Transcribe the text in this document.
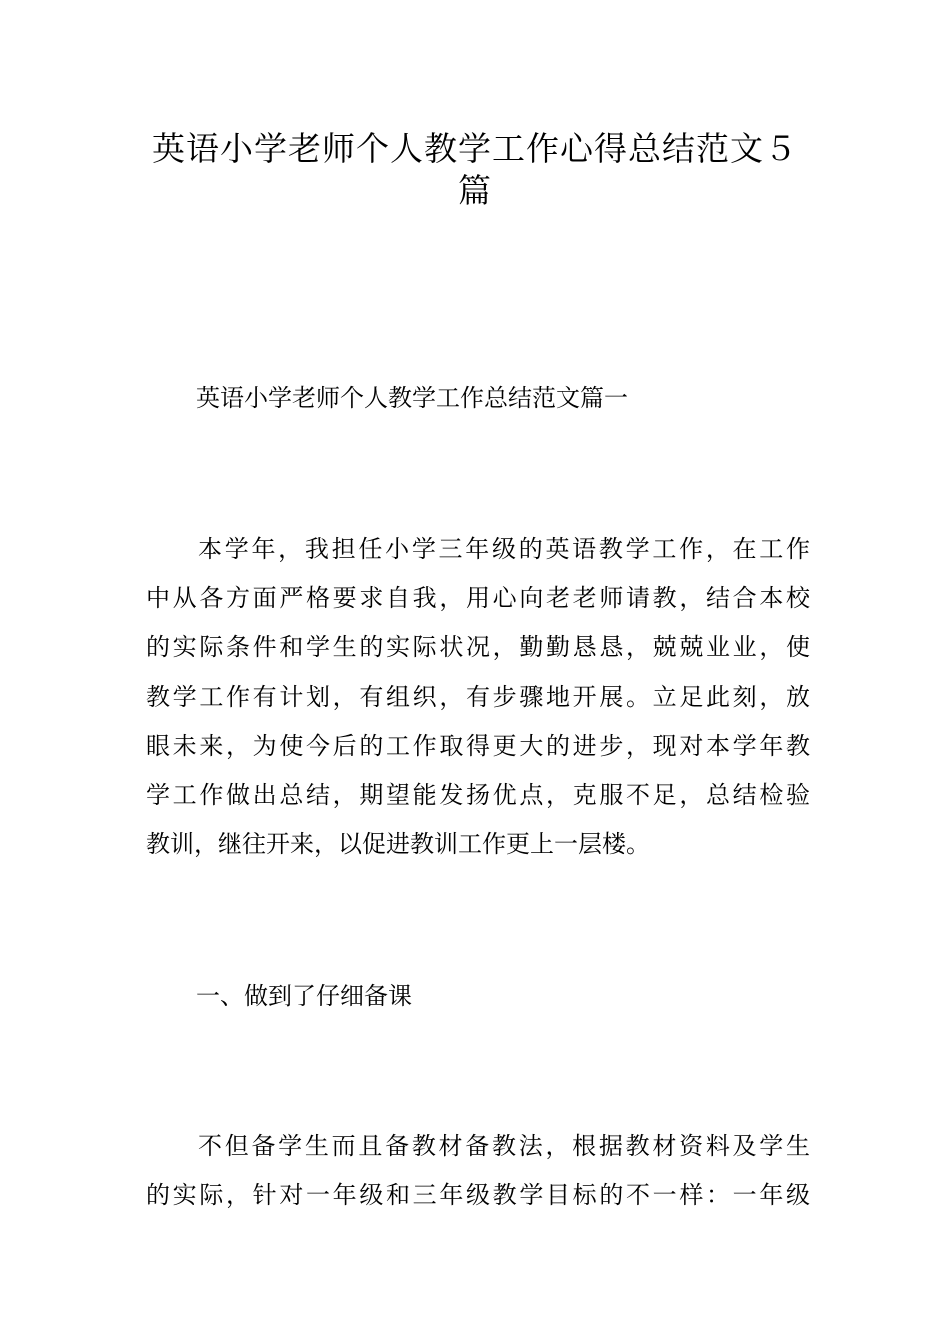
英语小学老师个人教学工作心得总结范文５篇

英语小学老师个人教学工作总结范文篇一

本学年，我担任小学三年级的英语教学工作，在工作
中从各方面严格要求自我，用心向老老师请教，结合本校
的实际条件和学生的实际状况，勤勤恳恳，兢兢业业，使
教学工作有计划，有组织，有步骤地开展。立足此刻，放
眼未来，为使今后的工作取得更大的进步，现对本学年教
学工作做出总结，期望能发扬优点，克服不足，总结检验
教训，继往开来，以促进教训工作更上一层楼。

一、做到了仔细备课

不但备学生而且备教材备教法，根据教材资料及学生
的实际，针对一年级和三年级教学目标的不一样：一年级
